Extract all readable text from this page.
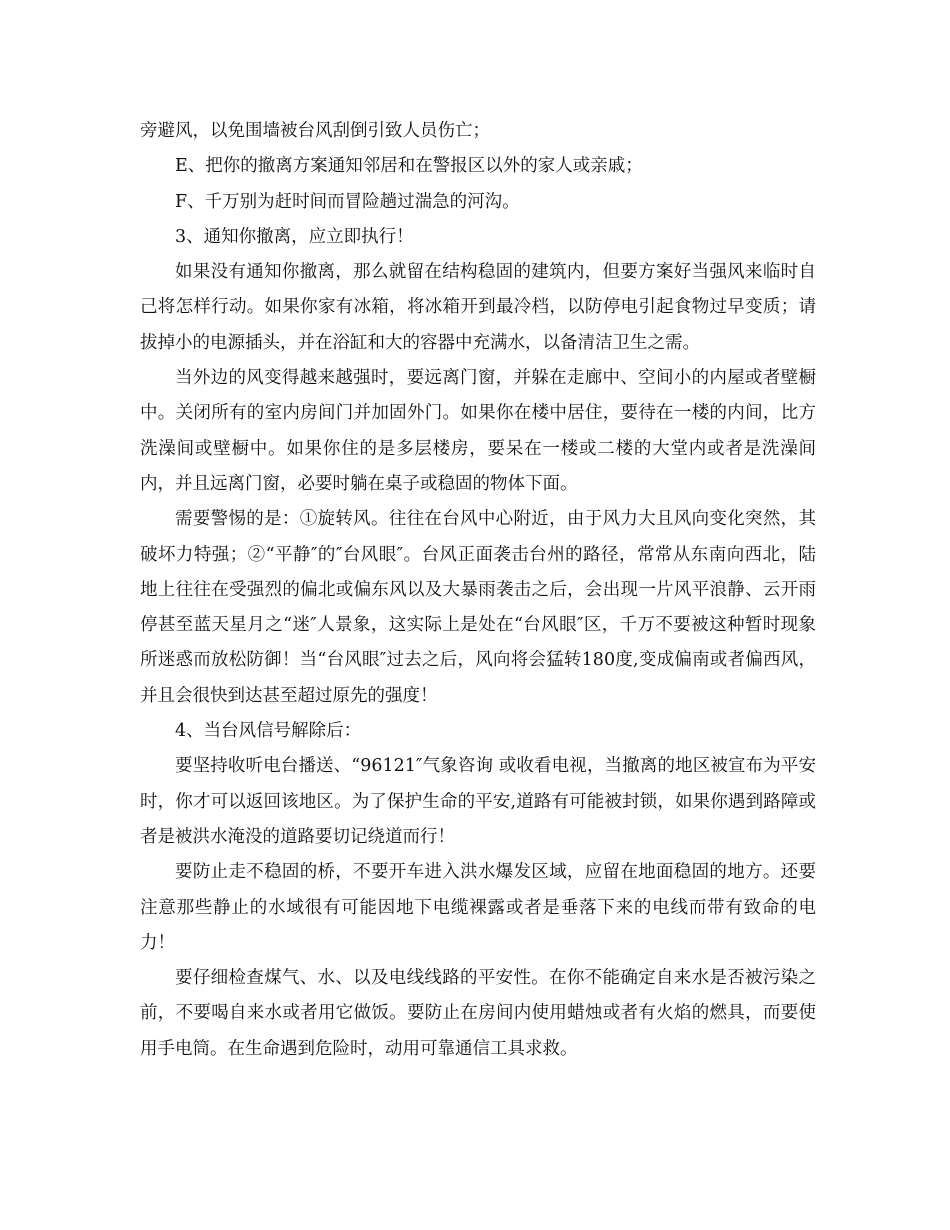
旁避风，以免围墙被台风刮倒引致人员伤亡；

E、把你的撤离方案通知邻居和在警报区以外的家人或亲戚；

F、千万别为赶时间而冒险趟过湍急的河沟。

3、通知你撤离，应立即执行！

如果没有通知你撤离，那么就留在结构稳固的建筑内，但要方案好当强风来临时自己将怎样行动。如果你家有冰箱，将冰箱开到最冷档，以防停电引起食物过早变质；请拔掉小的电源插头，并在浴缸和大的容器中充满水，以备清洁卫生之需。

当外边的风变得越来越强时，要远离门窗，并躲在走廊中、空间小的内屋或者壁橱中。关闭所有的室内房间门并加固外门。如果你在楼中居住，要待在一楼的内间，比方洗澡间或壁橱中。如果你住的是多层楼房，要呆在一楼或二楼的大堂内或者是洗澡间内，并且远离门窗，必要时躺在桌子或稳固的物体下面。

需要警惕的是：①旋转风。往往在台风中心附近，由于风力大且风向变化突然，其破坏力特强；②“平静″的″台风眼″。台风正面袭击台州的路径，常常从东南向西北，陆地上往往在受强烈的偏北或偏东风以及大暴雨袭击之后，会出现一片风平浪静、云开雨停甚至蓝天星月之“迷″人景象，这实际上是处在“台风眼″区，千万不要被这种暂时现象所迷惑而放松防御！当“台风眼″过去之后，风向将会猛转180度,变成偏南或者偏西风，并且会很快到达甚至超过原先的强度！

4、当台风信号解除后：

要坚持收听电台播送、“96121″气象咨询 或收看电视，当撤离的地区被宣布为平安时，你才可以返回该地区。为了保护生命的平安,道路有可能被封锁，如果你遇到路障或者是被洪水淹没的道路要切记绕道而行！

要防止走不稳固的桥，不要开车进入洪水爆发区域，应留在地面稳固的地方。还要注意那些静止的水域很有可能因地下电缆裸露或者是垂落下来的电线而带有致命的电力！

要仔细检查煤气、水、以及电线线路的平安性。在你不能确定自来水是否被污染之前，不要喝自来水或者用它做饭。要防止在房间内使用蜡烛或者有火焰的燃具，而要使用手电筒。在生命遇到危险时，动用可靠通信工具求救。
